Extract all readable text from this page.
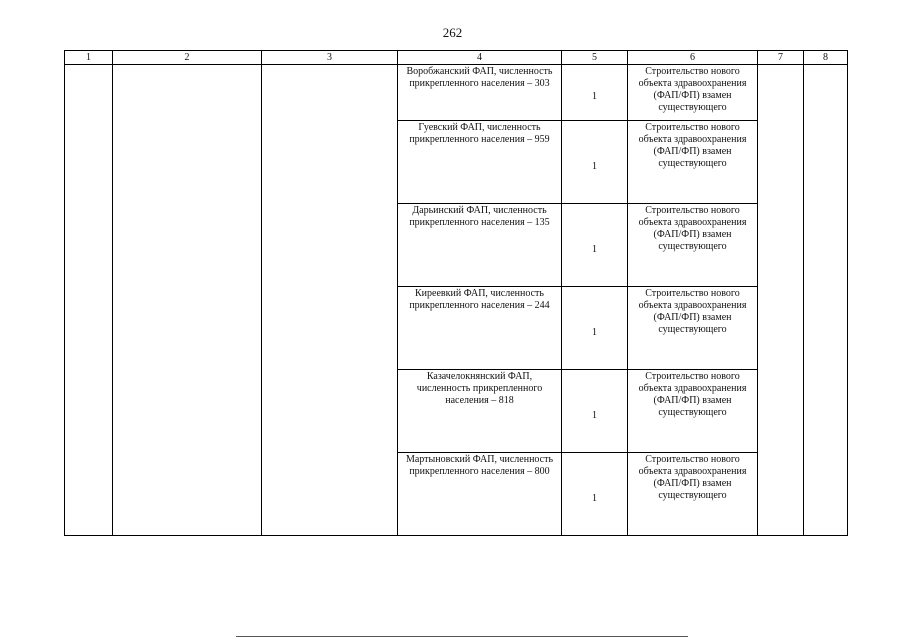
262
1	2	3	4	5	6	7	8
			Воробжанский ФАП, численность прикрепленного населения – 303	1	Строительство нового объекта здравоохранения (ФАП/ФП) взамен существующего		
			Гуевский ФАП, численность прикрепленного населения – 959	1	Строительство нового объекта здравоохранения (ФАП/ФП) взамен существующего		
			Дарьинский ФАП, численность прикрепленного населения – 135	1	Строительство нового объекта здравоохранения (ФАП/ФП) взамен существующего		
			Киреевкий ФАП, численность прикрепленного населения – 244	1	Строительство нового объекта здравоохранения (ФАП/ФП) взамен существующего		
			Казачелокнянский ФАП, численность прикрепленного населения – 818	1	Строительство нового объекта здравоохранения (ФАП/ФП) взамен существующего		
			Мартыновский ФАП, численность прикрепленного населения – 800	1	Строительство нового объекта здравоохранения (ФАП/ФП) взамен существующего		
